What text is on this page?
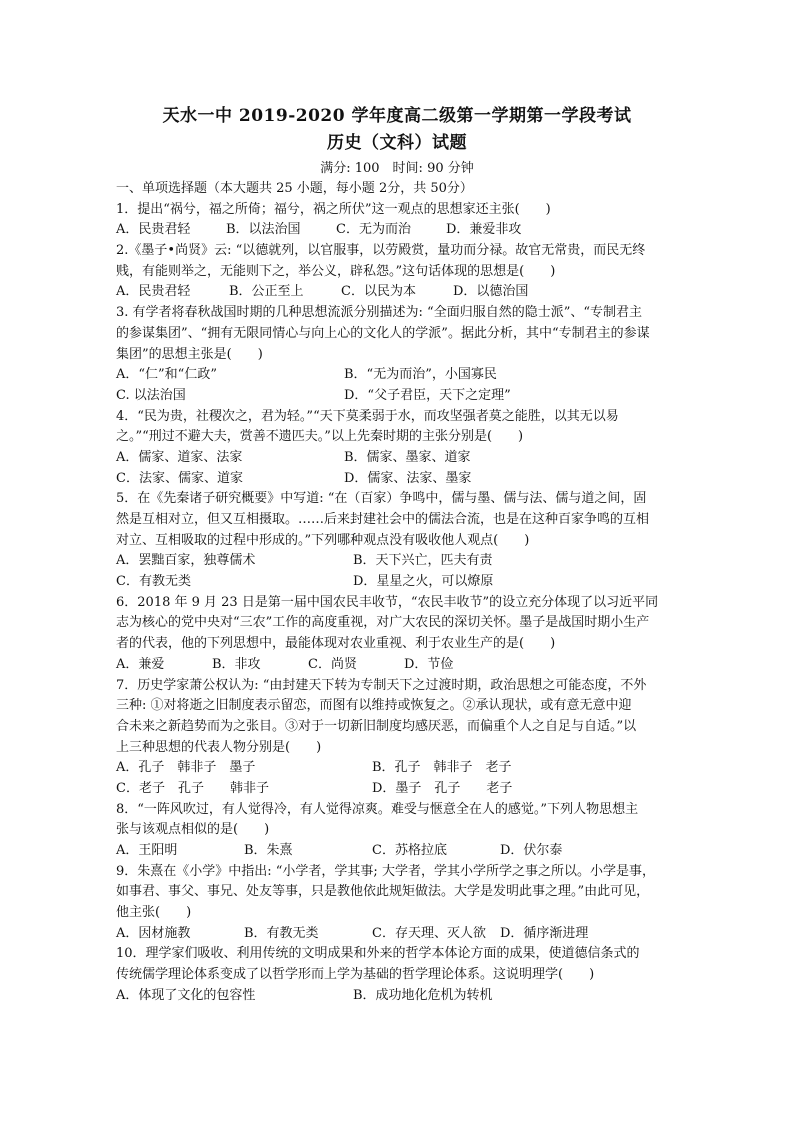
天水一中 2019-2020 学年度高二级第一学期第一学段考试
历史（文科）试题
满分: 100　时间: 90 分钟
一、单项选择题（本大题共 25 小题，每小题 2分，共 50分）
1．提出“祸兮，福之所倚；福兮，祸之所伏”这一观点的思想家还主张(　　)
A．民贵君轻	B．以法治国	C．无为而治	D．兼爱非攻
2.《墨子•尚贤》云: “以德就列，以官服事，以劳殿赏，量功而分禄。故官无常贵，而民无终
贱，有能则举之，无能则下之，举公义，辟私怨。”这句话体现的思想是(　　)
A．民贵君轻	B．公正至上	C．以民为本	D．以德治国
3. 有学者将春秋战国时期的几种思想流派分别描述为: “全面归服自然的隐士派”、“专制君主
的参谋集团”、“拥有无限同情心与向上心的文化人的学派”。据此分析，其中“专制君主的参谋
集团”的思想主张是(　　)
A．“仁”和“仁政”	B．“无为而治”，小国寡民
C. 以法治国	D．“父子君臣，天下之定理”
4．“民为贵，社稷次之，君为轻。”“天下莫柔弱于水，而攻坚强者莫之能胜，以其无以易
之。”“刑过不避大夫，赏善不遗匹夫。”以上先秦时期的主张分别是(　　)
A．儒家、道家、法家	B．儒家、墨家、道家
C．法家、儒家、道家	D．儒家、法家、墨家
5．在《先秦诸子研究概要》中写道: “在（百家）争鸣中，儒与墨、儒与法、儒与道之间，固
然是互相对立，但又互相摄取。……后来封建社会中的儒法合流，也是在这种百家争鸣的互相
对立、互相吸取的过程中形成的。”下列哪种观点没有吸收他人观点(　　)
A．罢黜百家，独尊儒术	B．天下兴亡，匹夫有责
C．有教无类	D．星星之火，可以燎原
6．2018 年 9 月 23 日是第一届中国农民丰收节，“农民丰收节”的设立充分体现了以习近平同
志为核心的党中央对“三农”工作的高度重视，对广大农民的深切关怀。墨子是战国时期小生产
者的代表，他的下列思想中，最能体现对农业重视、利于农业生产的是(　　)
A．兼爱	B．非攻	C．尚贤	D．节俭
7．历史学家萧公权认为: “由封建天下转为专制天下之过渡时期，政治思想之可能态度，不外
三种: ①对将逝之旧制度表示留恋，而图有以维持或恢复之。②承认现状，或有意无意中迎
合未来之新趋势而为之张目。③对于一切新旧制度均感厌恶，而偏重个人之自足与自适。”以
上三种思想的代表人物分别是(　　)
A．孔子　韩非子　墨子	B．孔子　韩非子　老子
C．老子　孔子　　韩非子	D．墨子　孔子　　老子
8．“一阵风吹过，有人觉得冷，有人觉得凉爽。难受与惬意全在人的感觉。”下列人物思想主
张与该观点相似的是(　　)
A．王阳明	B．朱熹	C．苏格拉底	D．伏尔泰
9．朱熹在《小学》中指出: “小学者，学其事; 大学者，学其小学所学之事之所以。小学是事，
如事君、事父、事兄、处友等事，只是教他依此规矩做法。大学是发明此事之理。”由此可见，
他主张(　　)
A．因材施教	B．有教无类	C．存天理、灭人欲	D．循序渐进理
10．理学家们吸收、利用传统的文明成果和外来的哲学本体论方面的成果，使道德信条式的
传统儒学理论体系变成了以哲学形而上学为基础的哲学理论体系。这说明理学(　　)
A．体现了文化的包容性	B．成功地化危机为转机
